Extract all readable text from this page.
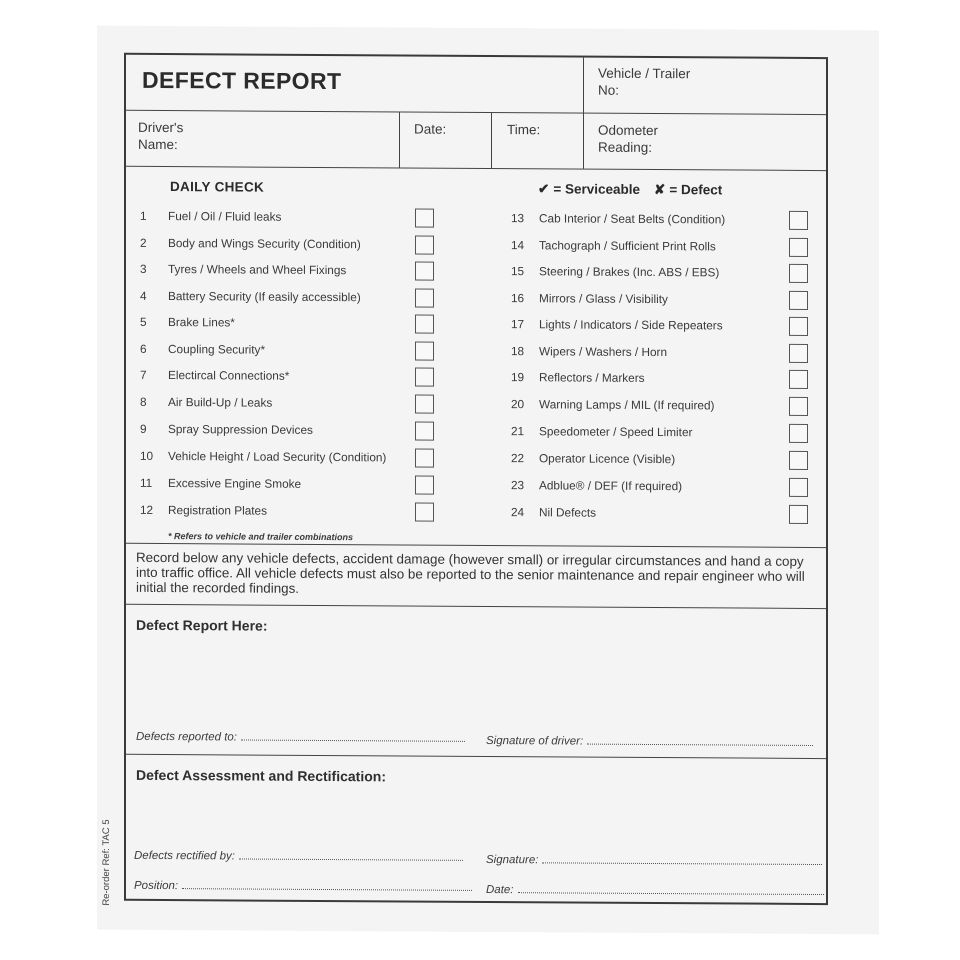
DEFECT REPORT	Vehicle / Trailer
No:
Driver's
Name:
Date:	Time:	Odometer
Reading:
DAILY CHECK	✔ = Serviceable ✘ = Defect
1	Fuel / Oil / Fluid leaks
2	Body and Wings Security (Condition)
3	Tyres / Wheels and Wheel Fixings
4	Battery Security (If easily accessible)
5	Brake Lines*
6	Coupling Security*
7	Electircal Connections*
8	Air Build-Up / Leaks
9	Spray Suppression Devices
10	Vehicle Height / Load Security (Condition)
11	Excessive Engine Smoke
12	Registration Plates
13	Cab Interior / Seat Belts (Condition)
14	Tachograph / Sufficient Print Rolls
15	Steering / Brakes (Inc. ABS / EBS)
16	Mirrors / Glass / Visibility
17	Lights / Indicators / Side Repeaters
18	Wipers / Washers / Horn
19	Reflectors / Markers
20	Warning Lamps / MIL (If required)
21	Speedometer / Speed Limiter
22	Operator Licence (Visible)
23	Adblue® / DEF (If required)
24	Nil Defects
* Refers to vehicle and trailer combinations
Record below any vehicle defects, accident damage (however small) or irregular circumstances and hand a copy into traffic office. All vehicle defects must also be reported to the senior maintenance and repair engineer who will initial the recorded findings.
Defect Report Here:
Defects reported to:	Signature of driver:
Defect Assessment and Rectification:
Defects rectified by:	Signature:
Position:	Date:
Re-order Ref: TAC 5
